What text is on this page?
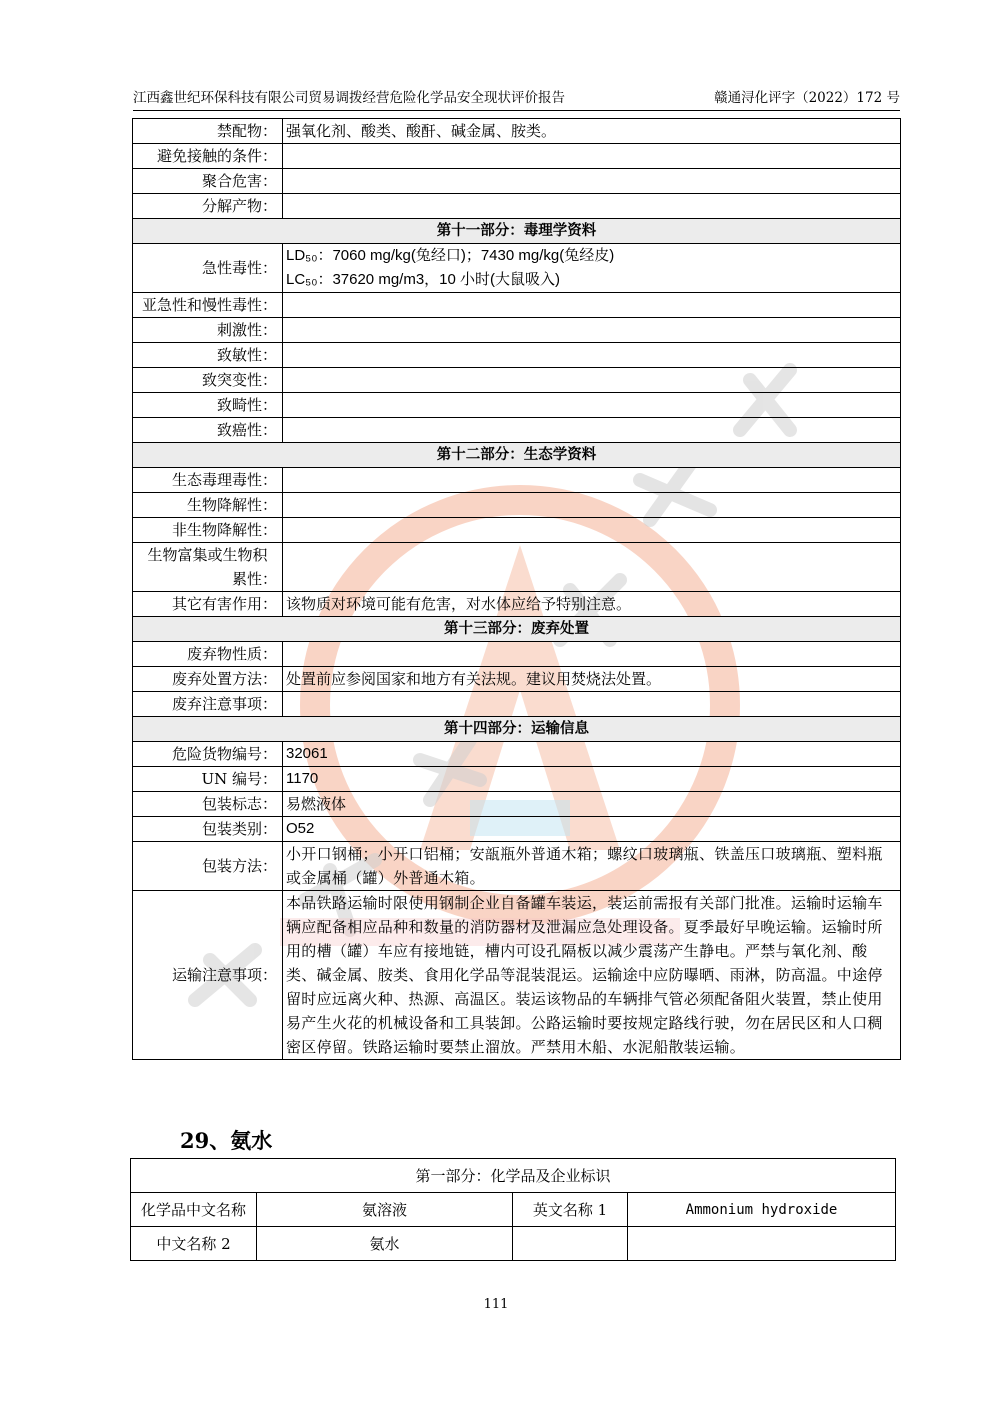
江西鑫世纪环保科技有限公司贸易调拨经营危险化学品安全现状评价报告	赣通浔化评字（2022）172 号
禁配物：	强氧化剂、酸类、酸酐、碱金属、胺类。
避免接触的条件：	
聚合危害：	
分解产物：	
第十一部分：毒理学资料	
急性毒性：	LD₅₀：7060 mg/kg(兔经口)；7430 mg/kg(兔经皮)
LC₅₀：37620 mg/m3，10 小时(大鼠吸入)

亚急性和慢性毒性：	
刺激性：	
致敏性：	
致突变性：	
致畸性：	
致癌性：	
第十二部分：生态学资料	
生态毒理毒性：	
生物降解性：	
非生物降解性：	

生物富集或生物积
累性：	

其它有害作用：	该物质对环境可能有危害，对水体应给予特别注意。
第十三部分：废弃处置	
废弃物性质：	
废弃处置方法：	处置前应参阅国家和地方有关法规。建议用焚烧法处置。
废弃注意事项：	
第十四部分：运输信息	
危险货物编号：	32061
UN 编号：	1170
包装标志：	易燃液体
包装类别：	O52
包装方法：	小开口钢桶；小开口铝桶；安瓿瓶外普通木箱；螺纹口玻璃瓶、铁盖压口玻璃瓶、塑料瓶或金属桶（罐）外普通木箱。
运输注意事项：	本品铁路运输时限使用钢制企业自备罐车装运，装运前需报有关部门批准。运输时运输车辆应配备相应品种和数量的消防器材及泄漏应急处理设备。夏季最好早晚运输。运输时所用的槽（罐）车应有接地链，槽内可设孔隔板以减少震荡产生静电。严禁与氧化剂、酸类、碱金属、胺类、食用化学品等混装混运。运输途中应防曝晒、雨淋，防高温。中途停留时应远离火种、热源、高温区。装运该物品的车辆排气管必须配备阻火装置，禁止使用易产生火花的机械设备和工具装卸。公路运输时要按规定路线行驶，勿在居民区和人口稠密区停留。铁路运输时要禁止溜放。严禁用木船、水泥船散装运输。
29、氨水
第一部分：化学品及企业标识			
化学品中文名称	氨溶液	英文名称 1	Ammonium hydroxide
中文名称 2	氨水		
111
